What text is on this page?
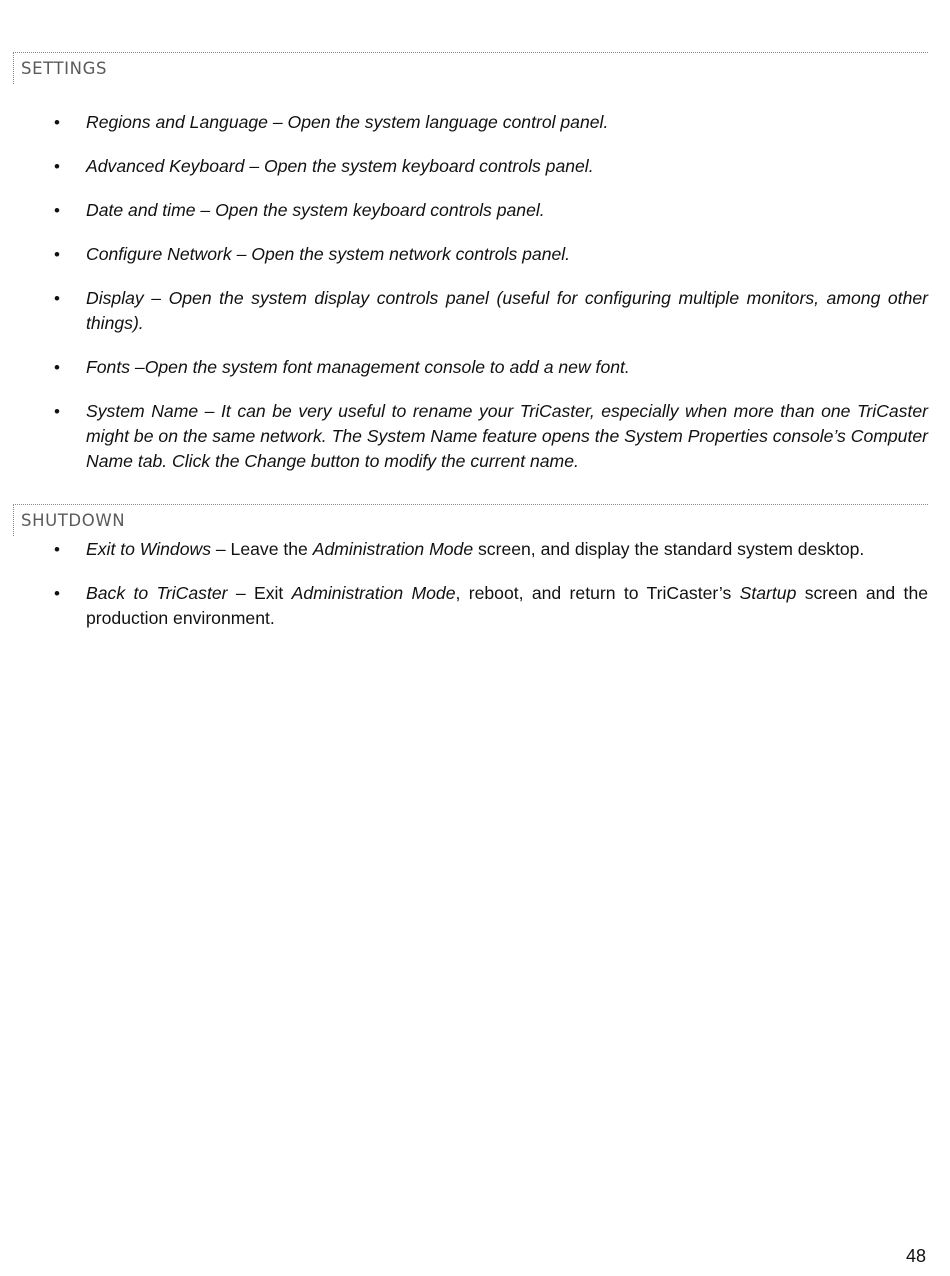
SETTINGS
• Regions and Language – Open the system language control panel.
• Advanced Keyboard – Open the system keyboard controls panel.
• Date and time – Open the system keyboard controls panel.
• Configure Network – Open the system network controls panel.
• Display – Open the system display controls panel (useful for configuring multiple monitors, among other things).
• Fonts –Open the system font management console to add a new font.
• System Name – It can be very useful to rename your TriCaster, especially when more than one TriCaster might be on the same network. The System Name feature opens the System Properties console’s Computer Name tab. Click the Change button to modify the current name.
SHUTDOWN
• Exit to Windows – Leave the Administration Mode screen, and display the standard system desktop.
• Back to TriCaster – Exit Administration Mode, reboot, and return to TriCaster’s Startup screen and the production environment.
48
